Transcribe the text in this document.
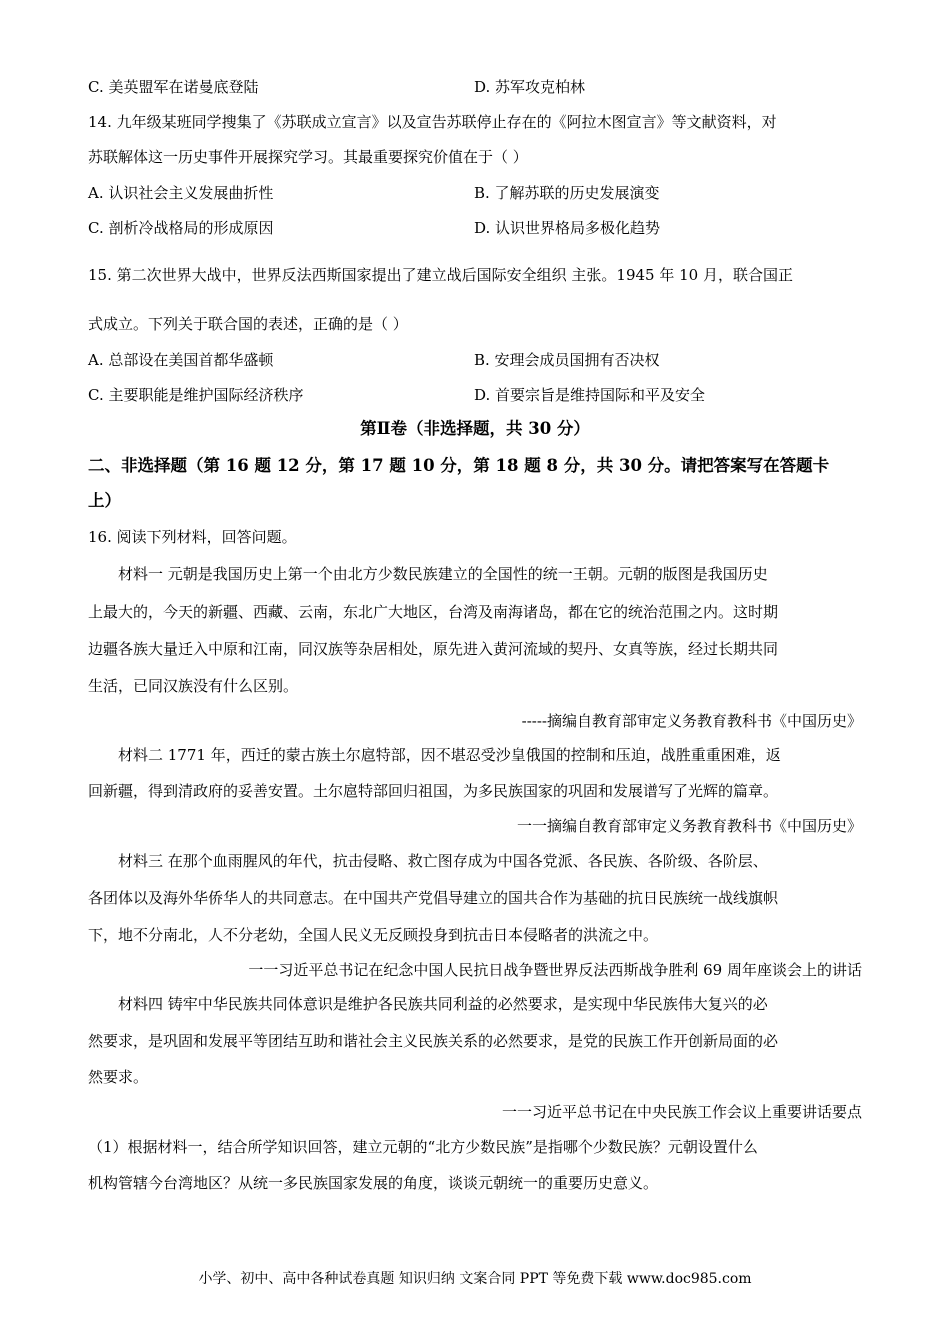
C. 美英盟军在诺曼底登陆	D. 苏军攻克柏林
14. 九年级某班同学搜集了《苏联成立宣言》以及宣告苏联停止存在的《阿拉木图宣言》等文献资料，对
苏联解体这一历史事件开展探究学习。其最重要探究价值在于（ ）
A. 认识社会主义发展曲折性	B. 了解苏联的历史发展演变
C. 剖析冷战格局的形成原因	D. 认识世界格局多极化趋势
15. 第二次世界大战中，世界反法西斯国家提出了建立战后国际安全组织 主张。1945 年 10 月，联合国正
式成立。下列关于联合国的表述，正确的是（ ）
A. 总部设在美国首都华盛顿	B. 安理会成员国拥有否决权
C. 主要职能是维护国际经济秩序	D. 首要宗旨是维持国际和平及安全
第Ⅱ卷（非选择题，共 30 分）
二、非选择题（第 16 题 12 分，第 17 题 10 分，第 18 题 8 分，共 30 分。请把答案写在答题卡
上）
16. 阅读下列材料，回答问题。
材料一 元朝是我国历史上第一个由北方少数民族建立的全国性的统一王朝。元朝的版图是我国历史
上最大的，今天的新疆、西藏、云南，东北广大地区，台湾及南海诸岛，都在它的统治范围之内。这时期
边疆各族大量迁入中原和江南，同汉族等杂居相处，原先进入黄河流域的契丹、女真等族，经过长期共同
生活，已同汉族没有什么区别。
-----摘编自教育部审定义务教育教科书《中国历史》
材料二 1771 年，西迁的蒙古族土尔扈特部，因不堪忍受沙皇俄国的控制和压迫，战胜重重困难，返
回新疆，得到清政府的妥善安置。土尔扈特部回归祖国，为多民族国家的巩固和发展谱写了光辉的篇章。
一一摘编自教育部审定义务教育教科书《中国历史》
材料三 在那个血雨腥风的年代，抗击侵略、救亡图存成为中国各党派、各民族、各阶级、各阶层、
各团体以及海外华侨华人的共同意志。在中国共产党倡导建立的国共合作为基础的抗日民族统一战线旗帜
下，地不分南北，人不分老幼，全国人民义无反顾投身到抗击日本侵略者的洪流之中。
一一习近平总书记在纪念中国人民抗日战争暨世界反法西斯战争胜利 69 周年座谈会上的讲话
材料四 铸牢中华民族共同体意识是维护各民族共同利益的必然要求，是实现中华民族伟大复兴的必
然要求，是巩固和发展平等团结互助和谐社会主义民族关系的必然要求，是党的民族工作开创新局面的必
然要求。
一一习近平总书记在中央民族工作会议上重要讲话要点
（1）根据材料一，结合所学知识回答，建立元朝的“北方少数民族”是指哪个少数民族？元朝设置什么
机构管辖今台湾地区？从统一多民族国家发展的角度，谈谈元朝统一的重要历史意义。
小学、初中、高中各种试卷真题 知识归纳 文案合同 PPT 等免费下载 www.doc985.com
